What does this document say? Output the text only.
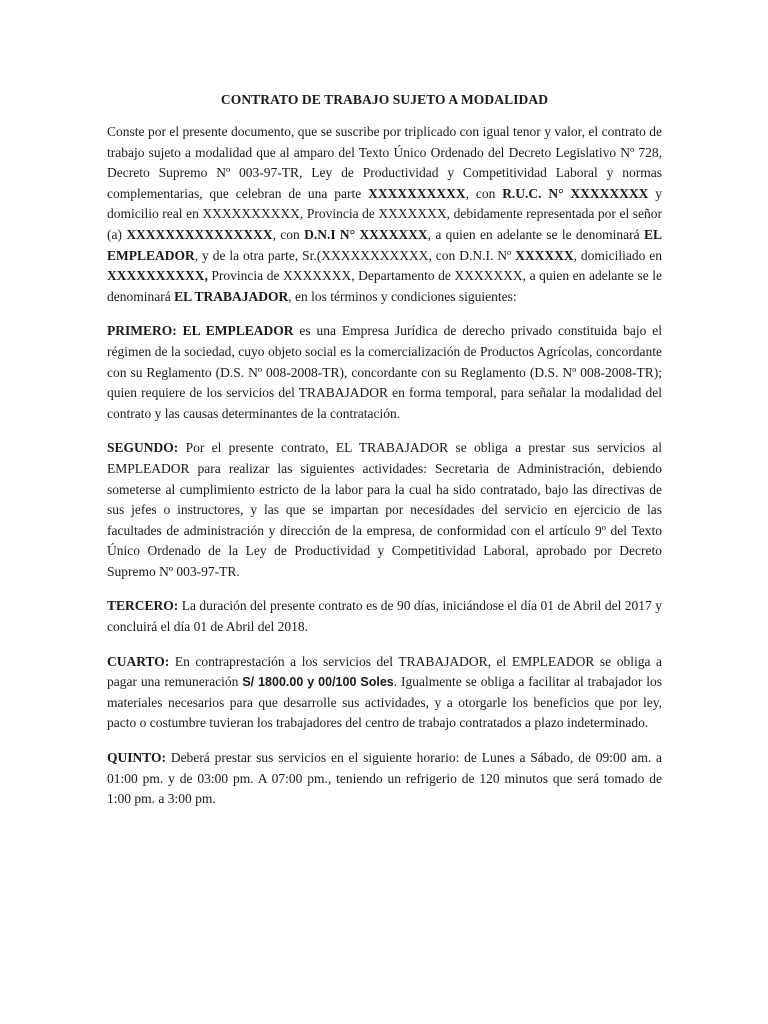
CONTRATO DE TRABAJO SUJETO A MODALIDAD

Conste por el presente documento, que se suscribe por triplicado con igual tenor y valor, el contrato de trabajo sujeto a modalidad que al amparo del Texto Único Ordenado del Decreto Legislativo Nº 728, Decreto Supremo Nº 003-97-TR, Ley de Productividad y Competitividad Laboral y normas complementarias, que celebran de una parte XXXXXXXXXX, con R.U.C. N° XXXXXXXX y domicilio real en XXXXXXXXXX, Provincia de XXXXXXX, debidamente representada por el señor (a) XXXXXXXXXXXXXXX, con D.N.I N° XXXXXXX, a quien en adelante se le denominará EL EMPLEADOR, y de la otra parte, Sr.(XXXXXXXXXXX, con D.N.I. Nº XXXXXX, domiciliado en XXXXXXXXXX, Provincia de XXXXXXX, Departamento de XXXXXXX, a quien en adelante se le denominará EL TRABAJADOR, en los términos y condiciones siguientes:

PRIMERO: EL EMPLEADOR es una Empresa Jurídica de derecho privado constituida bajo el régimen de la sociedad, cuyo objeto social es la comercialización de Productos Agrícolas, concordante con su Reglamento (D.S. Nº 008-2008-TR), concordante con su Reglamento (D.S. Nº 008-2008-TR); quien requiere de los servicios del TRABAJADOR en forma temporal, para señalar la modalidad del contrato y las causas determinantes de la contratación.

SEGUNDO: Por el presente contrato, EL TRABAJADOR se obliga a prestar sus servicios al EMPLEADOR para realizar las siguientes actividades: Secretaria de Administración, debiendo someterse al cumplimiento estricto de la labor para la cual ha sido contratado, bajo las directivas de sus jefes o instructores, y las que se impartan por necesidades del servicio en ejercicio de las facultades de administración y dirección de la empresa, de conformidad con el artículo 9º del Texto Único Ordenado de la Ley de Productividad y Competitividad Laboral, aprobado por Decreto Supremo Nº 003-97-TR.

TERCERO: La duración del presente contrato es de 90 días, iniciándose el día 01 de Abril del 2017 y concluirá el día 01 de Abril del 2018.

CUARTO: En contraprestación a los servicios del TRABAJADOR, el EMPLEADOR se obliga a pagar una remuneración S/ 1800.00 y 00/100 Soles. Igualmente se obliga a facilitar al trabajador los materiales necesarios para que desarrolle sus actividades, y a otorgarle los beneficios que por ley, pacto o costumbre tuvieran los trabajadores del centro de trabajo contratados a plazo indeterminado.

QUINTO: Deberá prestar sus servicios en el siguiente horario: de Lunes a Sábado, de 09:00 am. a 01:00 pm. y de 03:00 pm. A 07:00 pm., teniendo un refrigerio de 120 minutos que será tomado de 1:00 pm. a 3:00 pm.
